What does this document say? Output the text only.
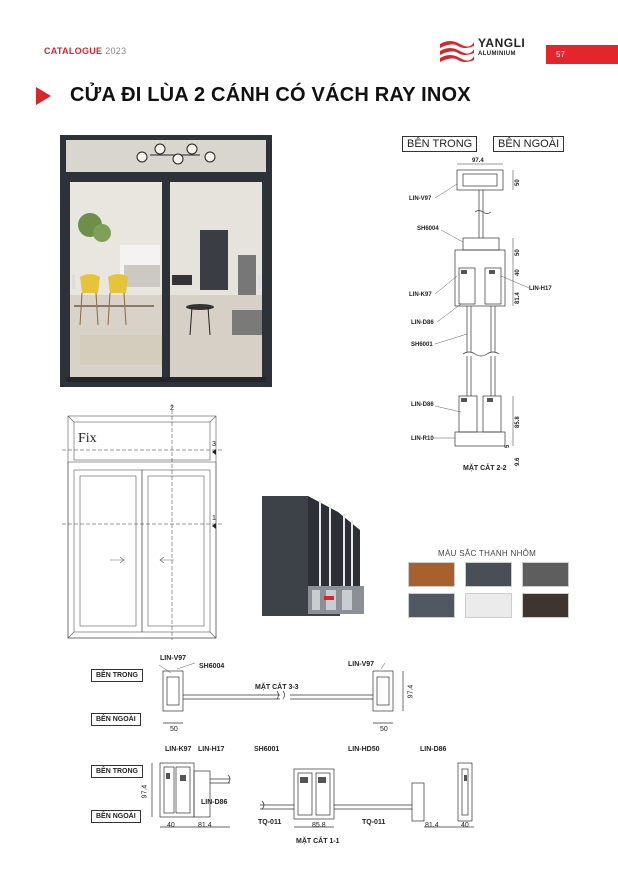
CATALOGUE 2023
YANGLI
ALUMINIUM	57
CỬA ĐI LÙA 2 CÁNH CÓ VÁCH RAY INOX
Fix
2
3
1
BÊN TRONG	BÊN NGOÀI
97.4
50
50
40
81.4
85.8
9.6
5
LIN-V97
SH6004
LIN-K97
LIN-H17
LIN-D86
SH6001
LIN-D86
LIN-R10
MẶT CẮT 2-2
MÀU SẮC THANH NHÔM
BÊN TRONG
BÊN NGOÀI
LIN-V97
SH6004	LIN-V97
MẶT CẮT 3-3
50	50
97.4
BÊN TRONG
BÊN NGOÀI
LIN-K97 LIN-H17	SH6001	LIN-HD50	LIN-D86
LIN-D86
TQ-011	TQ-011
97.4
40	81.4	85.8	81.4	40
MẶT CẮT 1-1
